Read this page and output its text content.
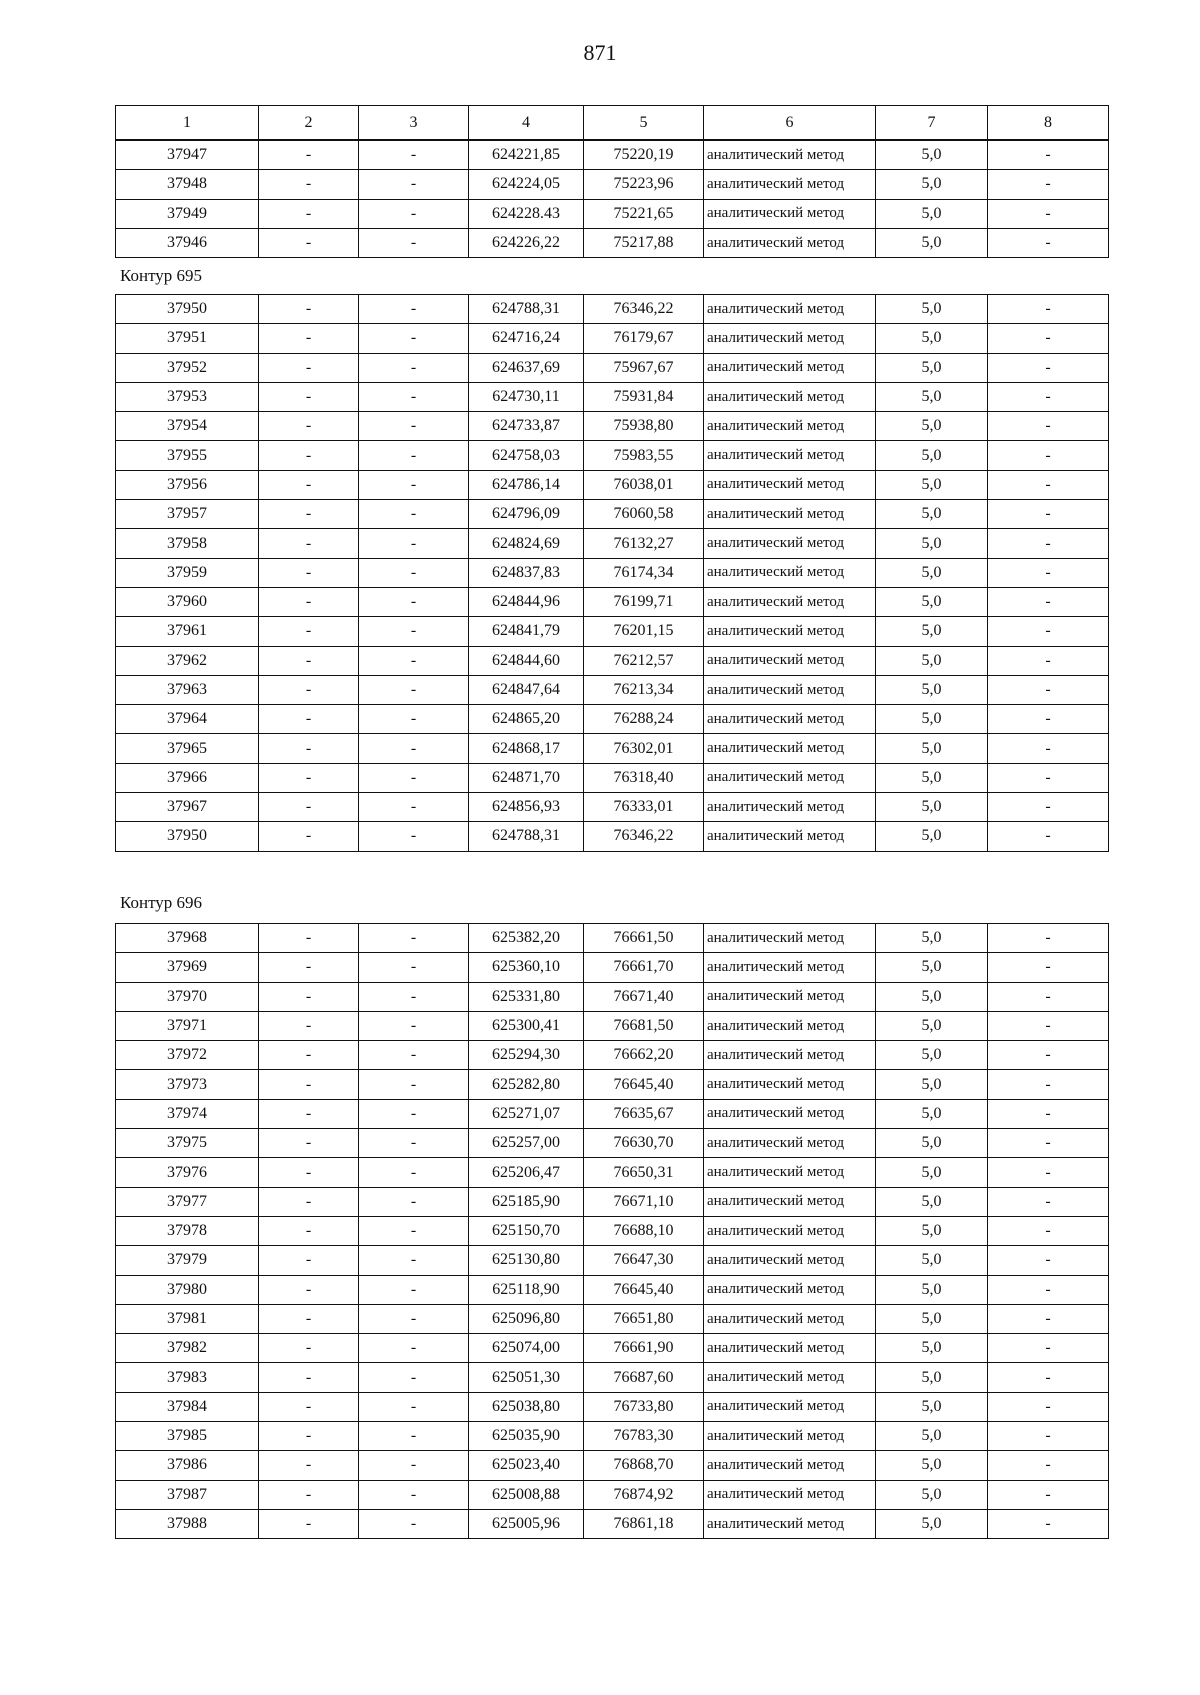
871
1	2	3	4	5	6	7	8
37947	-	-	624221,85	75220,19	аналитический метод	5,0	-
37948	-	-	624224,05	75223,96	аналитический метод	5,0	-
37949	-	-	624228.43	75221,65	аналитический метод	5,0	-
37946	-	-	624226,22	75217,88	аналитический метод	5,0	-
Контур 695
37950	-	-	624788,31	76346,22	аналитический метод	5,0	-
37951	-	-	624716,24	76179,67	аналитический метод	5,0	-
37952	-	-	624637,69	75967,67	аналитический метод	5,0	-
37953	-	-	624730,11	75931,84	аналитический метод	5,0	-
37954	-	-	624733,87	75938,80	аналитический метод	5,0	-
37955	-	-	624758,03	75983,55	аналитический метод	5,0	-
37956	-	-	624786,14	76038,01	аналитический метод	5,0	-
37957	-	-	624796,09	76060,58	аналитический метод	5,0	-
37958	-	-	624824,69	76132,27	аналитический метод	5,0	-
37959	-	-	624837,83	76174,34	аналитический метод	5,0	-
37960	-	-	624844,96	76199,71	аналитический метод	5,0	-
37961	-	-	624841,79	76201,15	аналитический метод	5,0	-
37962	-	-	624844,60	76212,57	аналитический метод	5,0	-
37963	-	-	624847,64	76213,34	аналитический метод	5,0	-
37964	-	-	624865,20	76288,24	аналитический метод	5,0	-
37965	-	-	624868,17	76302,01	аналитический метод	5,0	-
37966	-	-	624871,70	76318,40	аналитический метод	5,0	-
37967	-	-	624856,93	76333,01	аналитический метод	5,0	-
37950	-	-	624788,31	76346,22	аналитический метод	5,0	-
Контур 696
37968	-	-	625382,20	76661,50	аналитический метод	5,0	-
37969	-	-	625360,10	76661,70	аналитический метод	5,0	-
37970	-	-	625331,80	76671,40	аналитический метод	5,0	-
37971	-	-	625300,41	76681,50	аналитический метод	5,0	-
37972	-	-	625294,30	76662,20	аналитический метод	5,0	-
37973	-	-	625282,80	76645,40	аналитический метод	5,0	-
37974	-	-	625271,07	76635,67	аналитический метод	5,0	-
37975	-	-	625257,00	76630,70	аналитический метод	5,0	-
37976	-	-	625206,47	76650,31	аналитический метод	5,0	-
37977	-	-	625185,90	76671,10	аналитический метод	5,0	-
37978	-	-	625150,70	76688,10	аналитический метод	5,0	-
37979	-	-	625130,80	76647,30	аналитический метод	5,0	-
37980	-	-	625118,90	76645,40	аналитический метод	5,0	-
37981	-	-	625096,80	76651,80	аналитический метод	5,0	-
37982	-	-	625074,00	76661,90	аналитический метод	5,0	-
37983	-	-	625051,30	76687,60	аналитический метод	5,0	-
37984	-	-	625038,80	76733,80	аналитический метод	5,0	-
37985	-	-	625035,90	76783,30	аналитический метод	5,0	-
37986	-	-	625023,40	76868,70	аналитический метод	5,0	-
37987	-	-	625008,88	76874,92	аналитический метод	5,0	-
37988	-	-	625005,96	76861,18	аналитический метод	5,0	-
